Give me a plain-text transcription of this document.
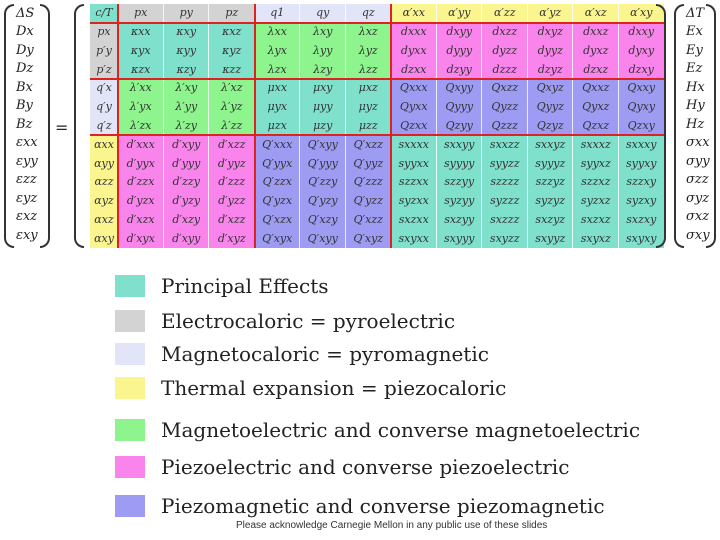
ΔS
Dx
Dy
Dz
Bx
By
Bz
εxx
εyy
εzz
εyz
εxz
εxy
=
c/T	px	py	pz	q1	qy	qz	α′xx	α′yy	α′zz	α′yz	α′xz	α′xy
px	κxx	κxy	κxz	λxx	λxy	λxz	dxxx	dxyy	dxzz	dxyz	dxxz	dxxy
p′y	κyx	κyy	κyz	λyx	λyy	λyz	dyxx	dyyy	dyzz	dyyz	dyxz	dyxy
p′z	κzx	κzy	κzz	λzx	λzy	λzz	dzxx	dzyy	dzzz	dzyz	dzxz	dzxy
q′x	λ′xx	λ′xy	λ′xz	μxx	μxy	μxz	Qxxx	Qxyy	Qxzz	Qxyz	Qxxz	Qxxy
q′y	λ′yx	λ′yy	λ′yz	μyx	μyy	μyz	Qyxx	Qyyy	Qyzz	Qyyz	Qyxz	Qyxy
q′z	λ′zx	λ′zy	λ′zz	μzx	μzy	μzz	Qzxx	Qzyy	Qzzz	Qzyz	Qzxz	Qzxy
αxx	d′xxx	d′xyy	d′xzz	Q′xxx	Q′xyy	Q′xzz	sxxxx	sxxyy	sxxzz	sxxyz	sxxxz	sxxxy
αyy	d′yyx	d′yyy	d′yyz	Q′yyx	Q′yyy	Q′yyz	syyxx	syyyy	syyzz	syyyz	syyxz	syyxy
αzz	d′zzx	d′zzy	d′zzz	Q′zzx	Q′zzy	Q′zzz	szzxx	szzyy	szzzz	szzyz	szzxz	szzxy
αyz	d′yzx	d′yzy	d′yzz	Q′yzx	Q′yzy	Q′yzz	syzxx	syzyy	syzzz	syzyz	syzxz	syzxy
αxz	d′xzx	d′xzy	d′xzz	Q′xzx	Q′xzy	Q′xzz	sxzxx	sxzyy	sxzzz	sxzyz	sxzxz	sxzxy
αxy	d′xyx	d′xyy	d′xyz	Q′xyx	Q′xyy	Q′xyz	sxyxx	sxyyy	sxyzz	sxyyz	sxyxz	sxyxy
ΔT
Ex
Ey
Ez
Hx
Hy
Hz
σxx
σyy
σzz
σyz
σxz
σxy
Principal Effects
Electrocaloric = pyroelectric
Magnetocaloric = pyromagnetic
Thermal expansion = piezocaloric
Magnetoelectric and converse magnetoelectric
Piezoelectric and converse piezoelectric
Piezomagnetic and converse piezomagnetic
Please acknowledge Carnegie Mellon in any public use of these slides
